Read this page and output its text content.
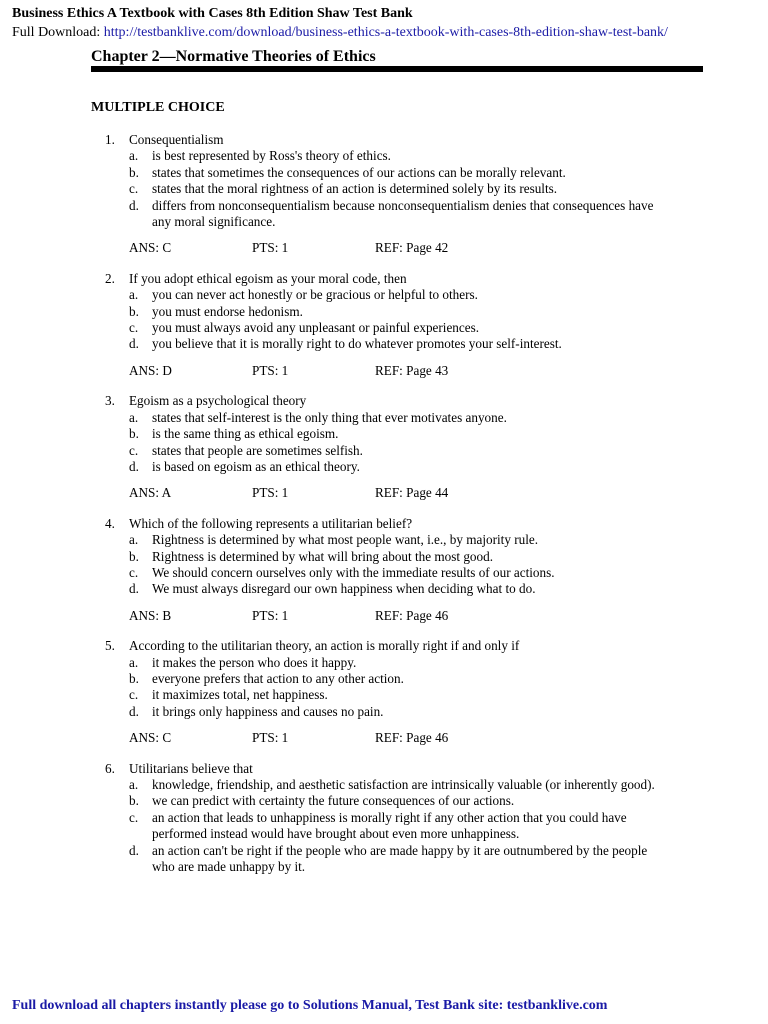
Business Ethics A Textbook with Cases 8th Edition Shaw Test Bank
Full Download: http://testbanklive.com/download/business-ethics-a-textbook-with-cases-8th-edition-shaw-test-bank/
Chapter 2—Normative Theories of Ethics
MULTIPLE CHOICE
1.	Consequentialism
a.	is best represented by Ross's theory of ethics.
b. states that sometimes the consequences of our actions can be morally relevant.
c.	states that the moral rightness of an action is determined solely by its results.
d. differs from nonconsequentialism because nonconsequentialism denies that consequences have any moral significance.
ANS: C	PTS: 1	REF: Page 42
2.	If you adopt ethical egoism as your moral code, then
a.	you can never act honestly or be gracious or helpful to others.
b. you must endorse hedonism.
c.	you must always avoid any unpleasant or painful experiences.
d. you believe that it is morally right to do whatever promotes your self-interest.
ANS: D	PTS: 1	REF: Page 43
3.	Egoism as a psychological theory
a.	states that self-interest is the only thing that ever motivates anyone.
b. is the same thing as ethical egoism.
c.	states that people are sometimes selfish.
d. is based on egoism as an ethical theory.
ANS: A	PTS: 1	REF: Page 44
4.	Which of the following represents a utilitarian belief?
a.	Rightness is determined by what most people want, i.e., by majority rule.
b. Rightness is determined by what will bring about the most good.
c.	We should concern ourselves only with the immediate results of our actions.
d. We must always disregard our own happiness when deciding what to do.
ANS: B	PTS: 1	REF: Page 46
5.	According to the utilitarian theory, an action is morally right if and only if
a.	it makes the person who does it happy.
b. everyone prefers that action to any other action.
c.	it maximizes total, net happiness.
d. it brings only happiness and causes no pain.
ANS: C	PTS: 1	REF: Page 46
6.	Utilitarians believe that
a.	knowledge, friendship, and aesthetic satisfaction are intrinsically valuable (or inherently good).
b. we can predict with certainty the future consequences of our actions.
c.	an action that leads to unhappiness is morally right if any other action that you could have performed instead would have brought about even more unhappiness.
d. an action can't be right if the people who are made happy by it are outnumbered by the people who are made unhappy by it.
Full download all chapters instantly please go to Solutions Manual, Test Bank site: testbanklive.com
